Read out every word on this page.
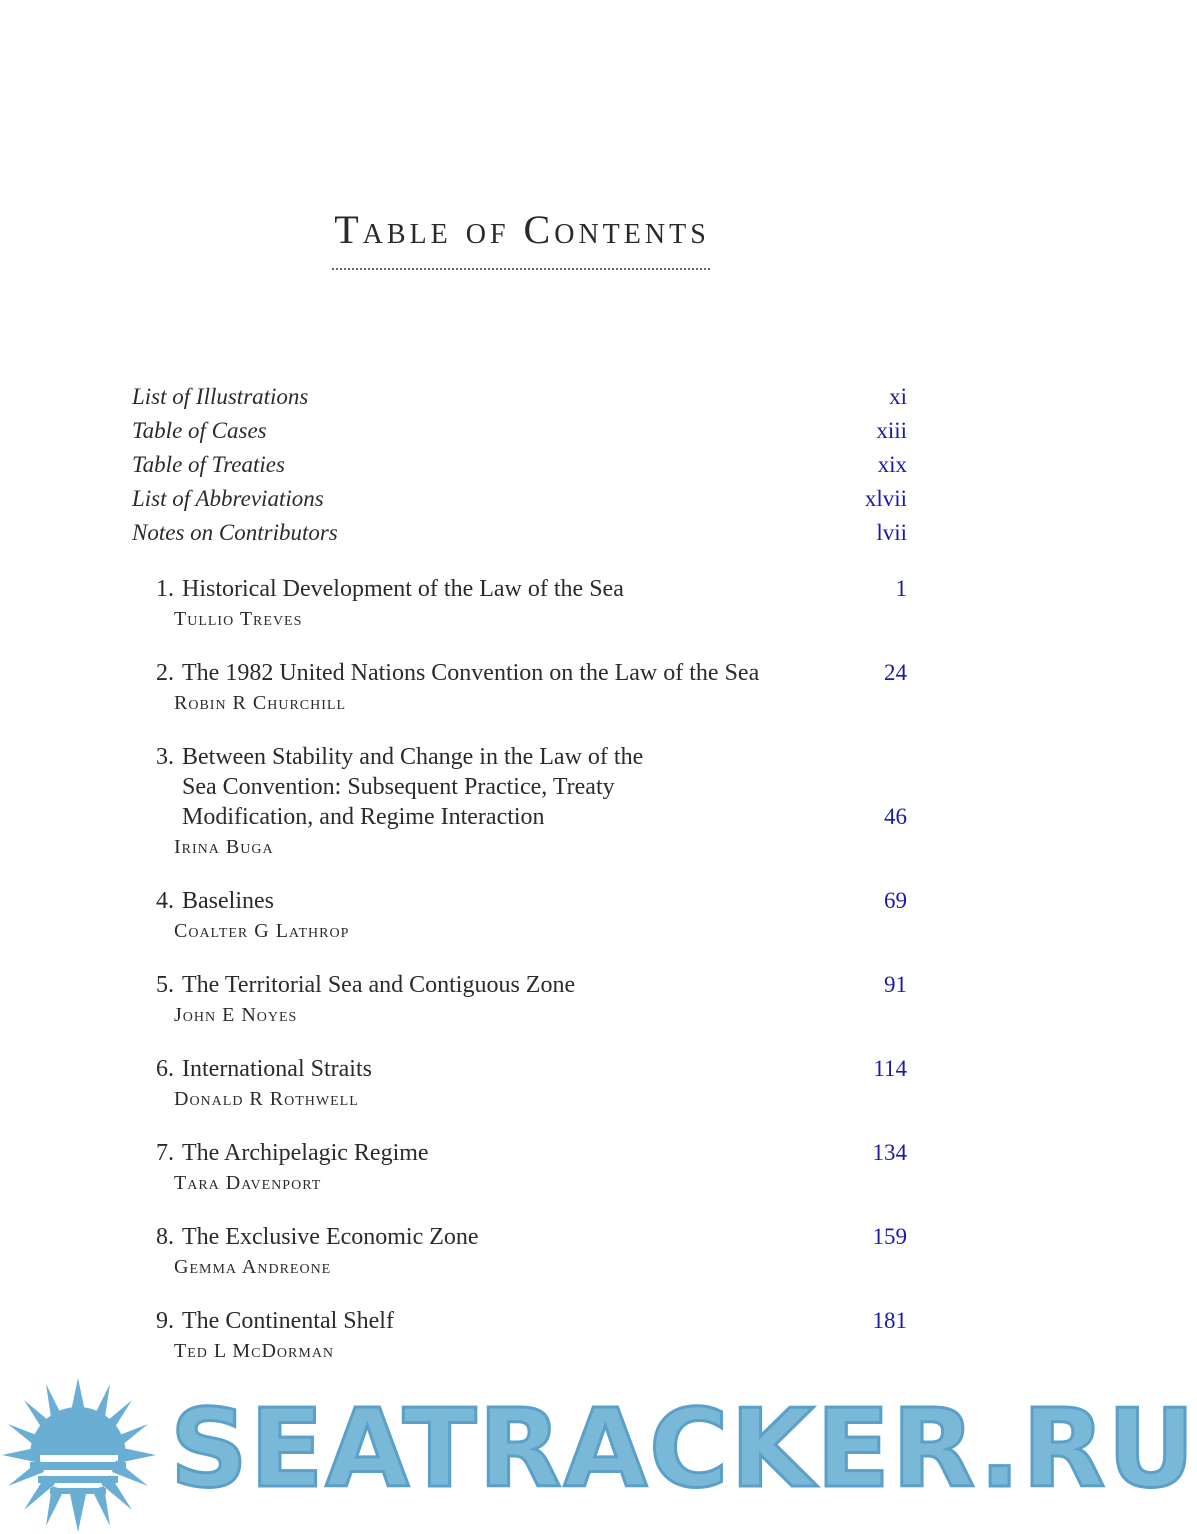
Table of Contents
List of Illustrations	xi
Table of Cases	xiii
Table of Treaties	xix
List of Abbreviations	xlvii
Notes on Contributors	lvii
1. Historical Development of the Law of the Sea	1
Tullio Treves
2. The 1982 United Nations Convention on the Law of the Sea	24
Robin R Churchill
3. Between Stability and Change in the Law of the Sea Convention: Subsequent Practice, Treaty Modification, and Regime Interaction	46
Irina Buga
4. Baselines	69
Coalter G Lathrop
5. The Territorial Sea and Contiguous Zone	91
John E Noyes
6. International Straits	114
Donald R Rothwell
7. The Archipelagic Regime	134
Tara Davenport
8. The Exclusive Economic Zone	159
Gemma Andreone
9. The Continental Shelf	181
Ted L McDorman
SEATRACKER.RU
